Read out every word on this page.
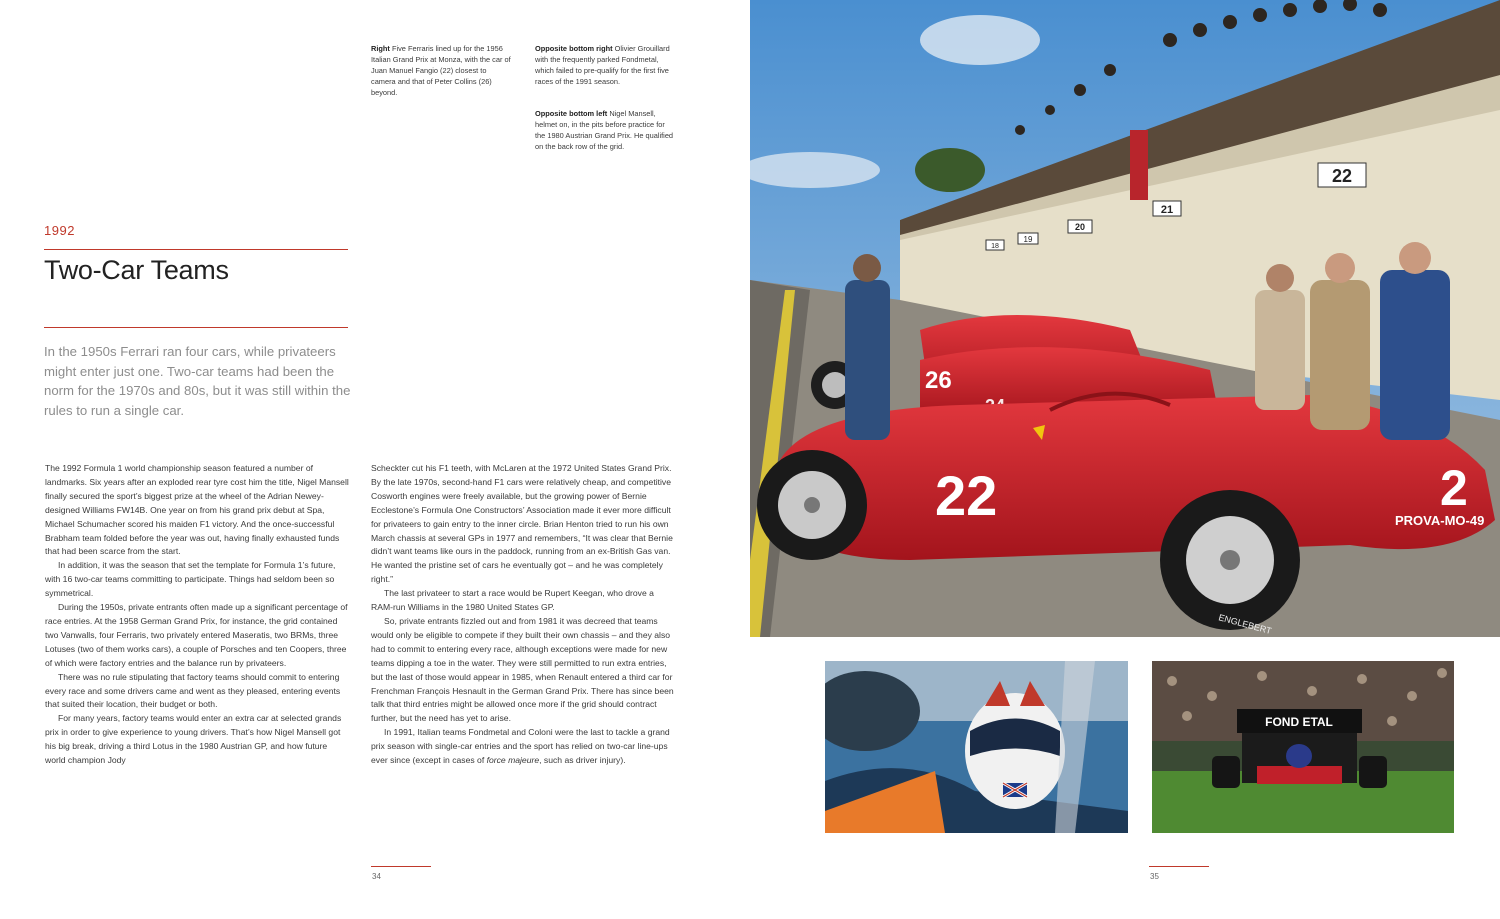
Right Five Ferraris lined up for the 1956 Italian Grand Prix at Monza, with the car of Juan Manuel Fangio (22) closest to camera and that of Peter Collins (26) beyond.

Opposite bottom right Olivier Grouillard with the frequently parked Fondmetal, which failed to pre-qualify for the first five races of the 1991 season.

Opposite bottom left Nigel Mansell, helmet on, in the pits before practice for the 1980 Austrian Grand Prix. He qualified on the back row of the grid.

1992
Two-Car Teams

In the 1950s Ferrari ran four cars, while privateers might enter just one. Two-car teams had been the norm for the 1970s and 80s, but it was still within the rules to run a single car.

The 1992 Formula 1 world championship season featured a number of landmarks. Six years after an exploded rear tyre cost him the title, Nigel Mansell finally secured the sport’s biggest prize at the wheel of the Adrian Newey-designed Williams FW14B. One year on from his grand prix debut at Spa, Michael Schumacher scored his maiden F1 victory. And the once-successful Brabham team folded before the year was out, having finally exhausted funds that had been scarce from the start.

In addition, it was the season that set the template for Formula 1’s future, with 16 two-car teams committing to participate. Things had seldom been so symmetrical.

During the 1950s, private entrants often made up a significant percentage of race entries. At the 1958 German Grand Prix, for instance, the grid contained two Vanwalls, four Ferraris, two privately entered Maseratis, two BRMs, three Lotuses (two of them works cars), a couple of Porsches and ten Coopers, three of which were factory entries and the balance run by privateers.

There was no rule stipulating that factory teams should commit to entering every race and some drivers came and went as they pleased, entering events that suited their location, their budget or both.

For many years, factory teams would enter an extra car at selected grands prix in order to give experience to young drivers. That’s how Nigel Mansell got his big break, driving a third Lotus in the 1980 Austrian GP, and how future world champion Jody

Scheckter cut his F1 teeth, with McLaren at the 1972 United States Grand Prix. By the late 1970s, second-hand F1 cars were relatively cheap, and competitive Cosworth engines were freely available, but the growing power of Bernie Ecclestone’s Formula One Constructors’ Association made it ever more difficult for privateers to gain entry to the inner circle. Brian Henton tried to run his own March chassis at several GPs in 1977 and remembers, “It was clear that Bernie didn’t want teams like ours in the paddock, running from an ex-British Gas van. He wanted the pristine set of cars he eventually got – and he was completely right.”

The last privateer to start a race would be Rupert Keegan, who drove a RAM-run Williams in the 1980 United States GP.

So, private entrants fizzled out and from 1981 it was decreed that teams would only be eligible to compete if they built their own chassis – and they also had to commit to entering every race, although exceptions were made for new teams dipping a toe in the water. They were still permitted to run extra entries, but the last of those would appear in 1985, when Renault entered a third car for Frenchman François Hesnault in the German Grand Prix. There has since been talk that third entries might be allowed once more if the grid should contract further, but the need has yet to arise.

In 1991, Italian teams Fondmetal and Coloni were the last to tackle a grand prix season with single-car entries and the sport has relied on two-car line-ups ever since (except in cases of force majeure, such as driver injury).

34
22
21
20
19
18
26
ENGLEBERT
22	2
PROVA-MO-49
FOND ETAL
35
